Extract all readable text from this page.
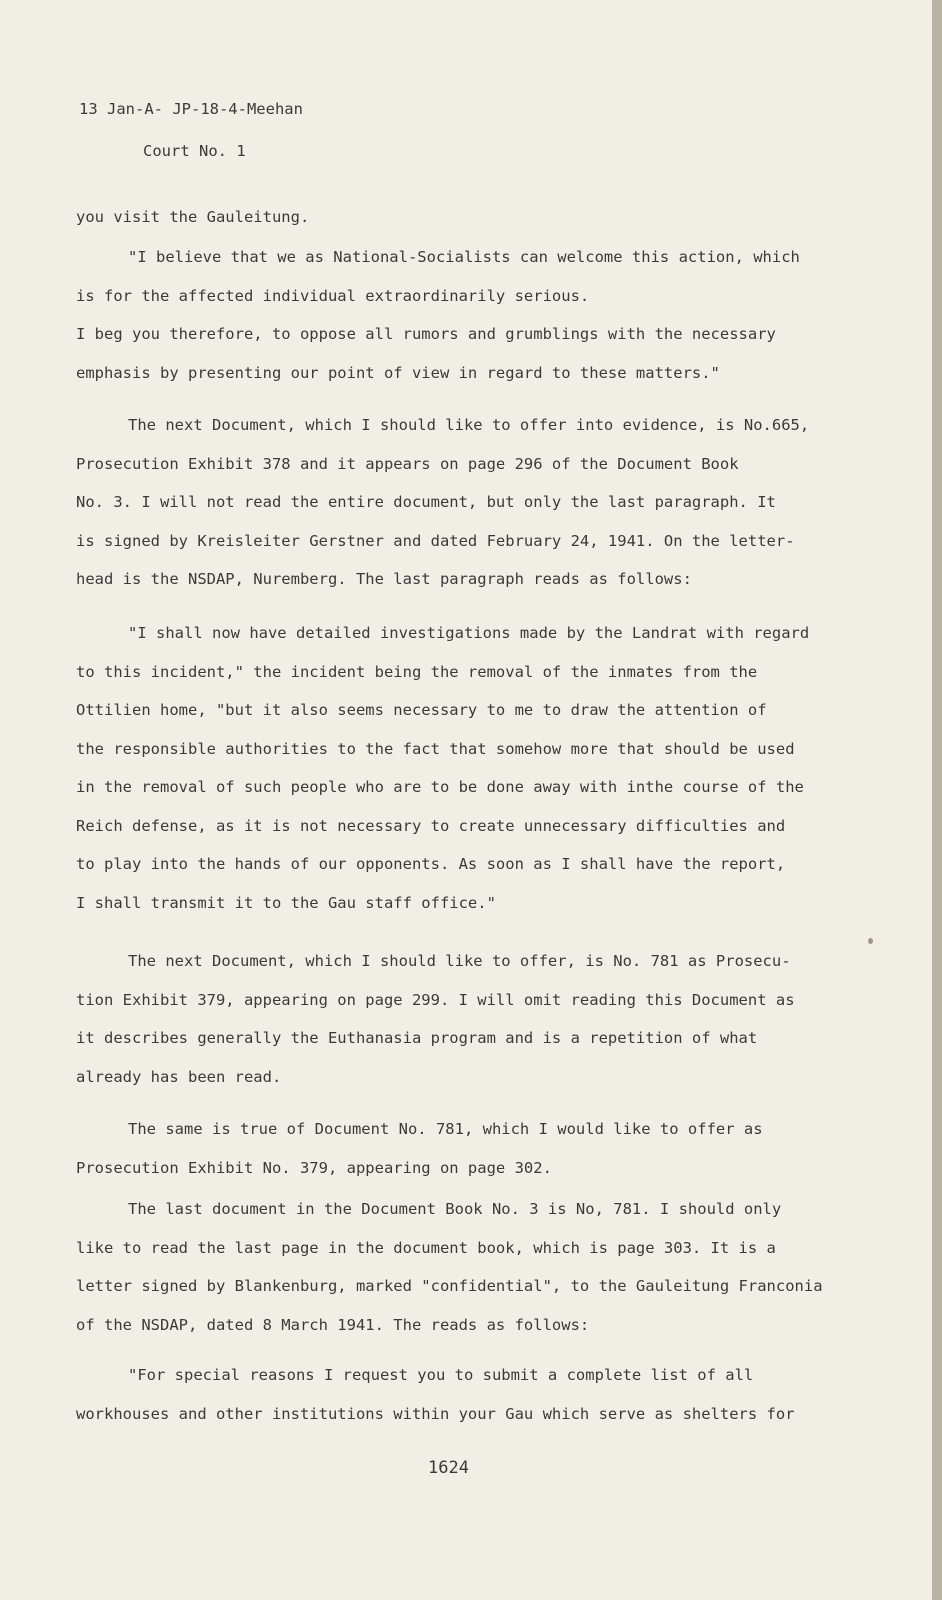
13 Jan-A- JP-18-4-Meehan
Court No. 1
you visit the Gauleitung.
"I believe that we as National-Socialists can welcome this action, which
is for the affected individual extraordinarily serious.
I beg you therefore, to oppose all rumors and grumblings with the necessary
emphasis by presenting our point of view in regard to these matters."
The next Document, which I should like to offer into evidence, is No.665,
Prosecution Exhibit 378 and it appears on page 296 of the Document Book
No. 3. I will not read the entire document, but only the last paragraph. It
is signed by Kreisleiter Gerstner and dated February 24, 1941. On the letter-
head is the NSDAP, Nuremberg. The last paragraph reads as follows:
"I shall now have detailed investigations made by the Landrat with regard
to this incident," the incident being the removal of the inmates from the
Ottilien home, "but it also seems necessary to me to draw the attention of
the responsible authorities to the fact that somehow more that should be used
in the removal of such people who are to be done away with inthe course of the
Reich defense, as it is not necessary to create unnecessary difficulties and
to play into the hands of our opponents. As soon as I shall have the report,
I shall transmit it to the Gau staff office."
The next Document, which I should like to offer, is No. 781 as Prosecu-
tion Exhibit 379, appearing on page 299. I will omit reading this Document as
it describes generally the Euthanasia program and is a repetition of what
already has been read.
The same is true of Document No. 781, which I would like to offer as
Prosecution Exhibit No. 379, appearing on page 302.
The last document in the Document Book No. 3 is No, 781. I should only
like to read the last page in the document book, which is page 303. It is a
letter signed by Blankenburg, marked "confidential", to the Gauleitung Franconia
of the NSDAP, dated 8 March 1941. The reads as follows:
"For special reasons I request you to submit a complete list of all
workhouses and other institutions within your Gau which serve as shelters for
1624
